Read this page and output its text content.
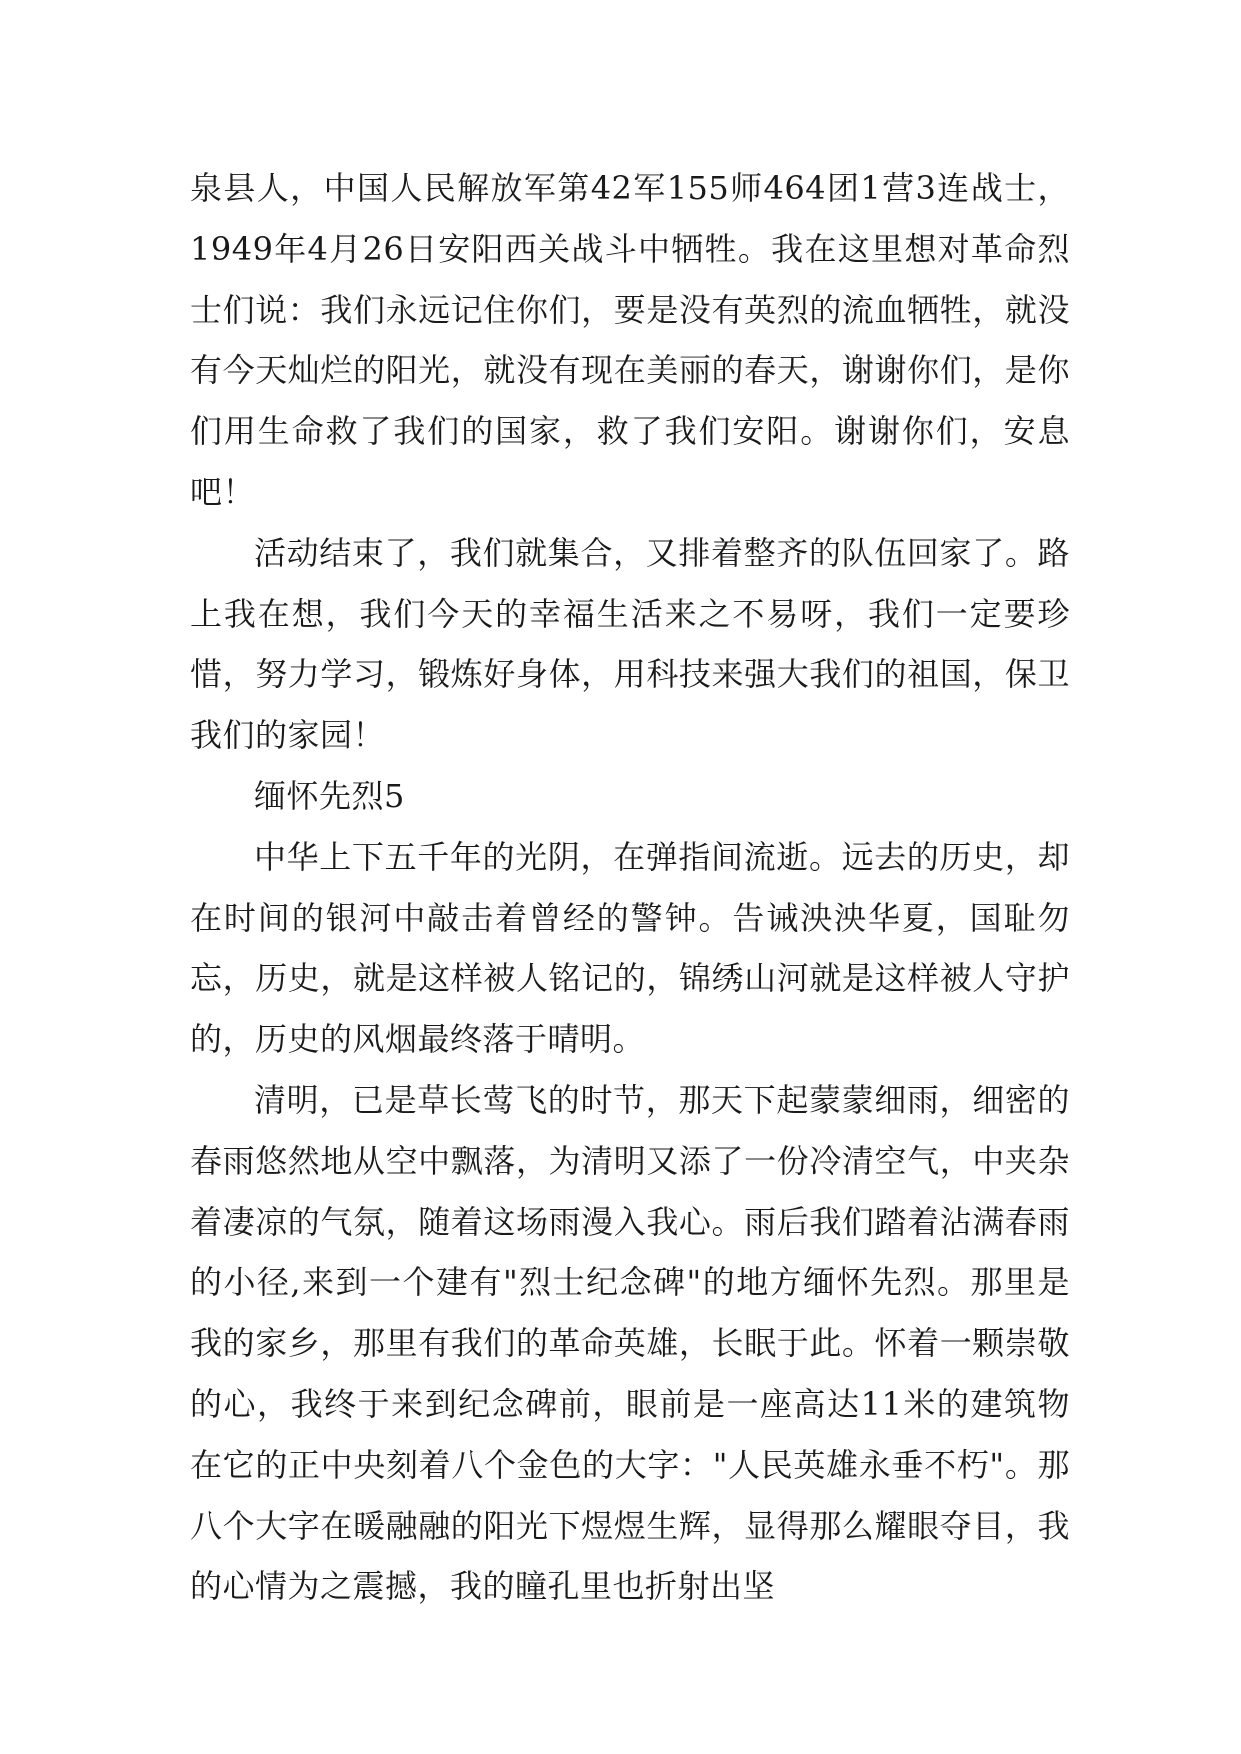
泉县人，中国人民解放军第42军155师464团1营3连战士，1949年4月26日安阳西关战斗中牺牲。我在这里想对革命烈士们说：我们永远记住你们，要是没有英烈的流血牺牲，就没有今天灿烂的阳光，就没有现在美丽的春天，谢谢你们，是你们用生命救了我们的国家，救了我们安阳。谢谢你们，安息吧！

活动结束了，我们就集合，又排着整齐的队伍回家了。路上我在想，我们今天的幸福生活来之不易呀，我们一定要珍惜，努力学习，锻炼好身体，用科技来强大我们的祖国，保卫我们的家园！

缅怀先烈5

中华上下五千年的光阴，在弹指间流逝。远去的历史，却在时间的银河中敲击着曾经的警钟。告诫泱泱华夏，国耻勿忘，历史，就是这样被人铭记的，锦绣山河就是这样被人守护的，历史的风烟最终落于晴明。

清明，已是草长莺飞的时节，那天下起蒙蒙细雨，细密的春雨悠然地从空中飘落，为清明又添了一份冷清空气，中夹杂着凄凉的气氛，随着这场雨漫入我心。雨后我们踏着沾满春雨的小径,来到一个建有"烈士纪念碑"的地方缅怀先烈。那里是我的家乡，那里有我们的革命英雄，长眠于此。怀着一颗崇敬的心，我终于来到纪念碑前，眼前是一座高达11米的建筑物在它的正中央刻着八个金色的大字："人民英雄永垂不朽"。那八个大字在暖融融的阳光下煜煜生辉，显得那么耀眼夺目，我的心情为之震撼，我的瞳孔里也折射出坚
